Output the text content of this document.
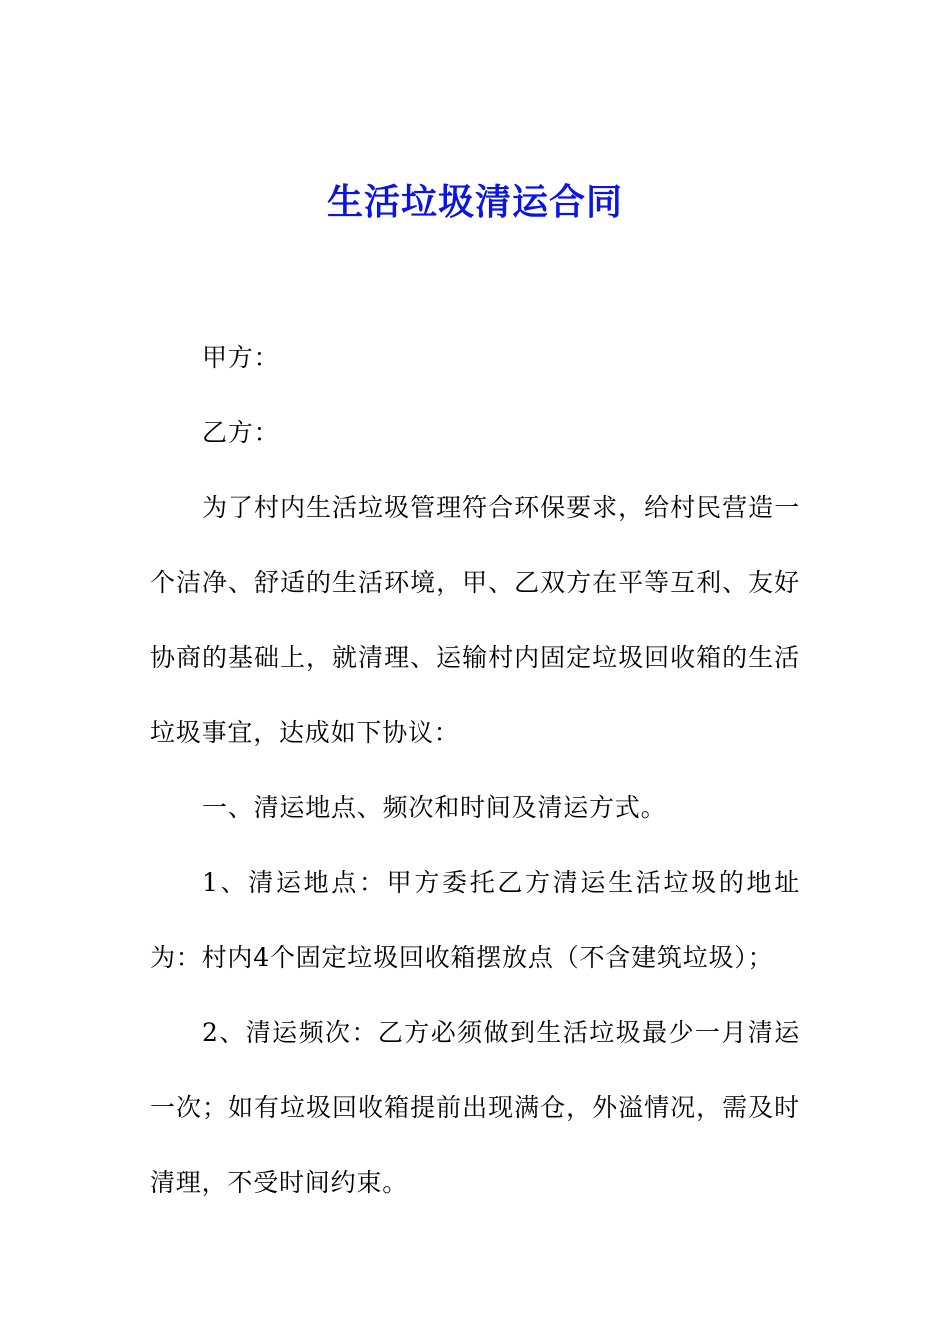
生活垃圾清运合同

甲方：

乙方：

为了村内生活垃圾管理符合环保要求，给村民营造一个洁净、舒适的生活环境，甲、乙双方在平等互利、友好协商的基础上，就清理、运输村内固定垃圾回收箱的生活垃圾事宜，达成如下协议：

一、清运地点、频次和时间及清运方式。

1、清运地点：甲方委托乙方清运生活垃圾的地址为：村内4个固定垃圾回收箱摆放点（不含建筑垃圾）；

2、清运频次：乙方必须做到生活垃圾最少一月清运一次；如有垃圾回收箱提前出现满仓，外溢情况，需及时清理，不受时间约束。
